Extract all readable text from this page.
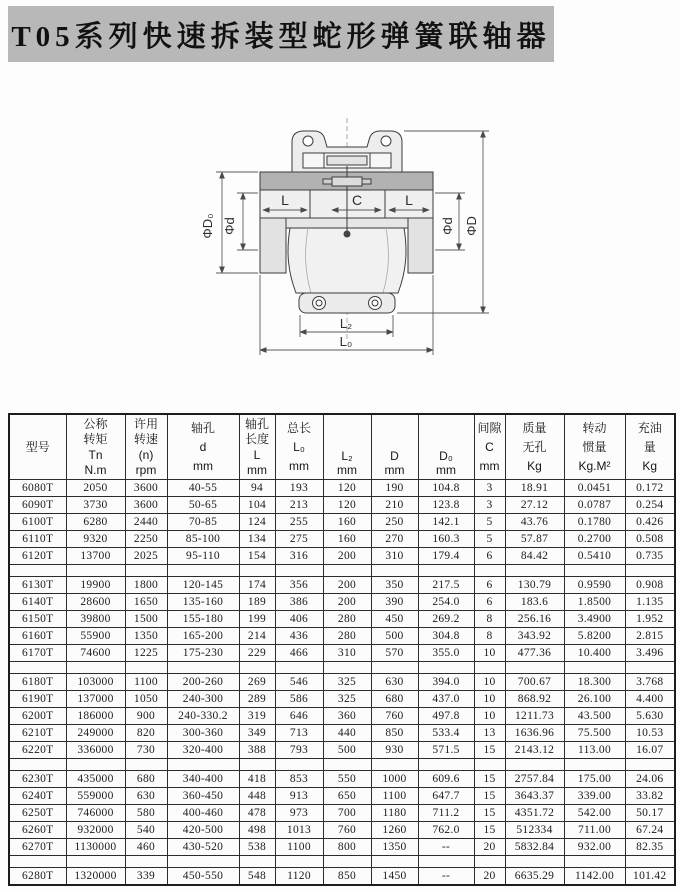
T05系列快速拆装型蛇形弹簧联轴器
ΦD₀ Φd	Φd ΦD
L	C	L
L₂
L₀
型号

公称
转矩
Tn
N.m

许用
转速
(n)
rpm

轴孔
d
mm

轴孔
长度
L
mm

总长
L₀
mm

L₂
mm

D
mm

D₀
mm

间隙
C
mm

质量
无孔
Kg

转动
惯量
Kg.M²

充油
量
Kg

6080T	2050	3600	40-55	94	193	120	190	104.8	3	18.91	0.0451	0.172
6090T	3730	3600	50-65	104	213	120	210	123.8	3	27.12	0.0787	0.254
6100T	6280	2440	70-85	124	255	160	250	142.1	5	43.76	0.1780	0.426
6110T	9320	2250	85-100	134	275	160	270	160.3	5	57.87	0.2700	0.508
6120T	13700	2025	95-110	154	316	200	310	179.4	6	84.42	0.5410	0.735

6130T	19900	1800	120-145	174	356	200	350	217.5	6	130.79	0.9590	0.908
6140T	28600	1650	135-160	189	386	200	390	254.0	6	183.6	1.8500	1.135
6150T	39800	1500	155-180	199	406	280	450	269.2	8	256.16	3.4900	1.952
6160T	55900	1350	165-200	214	436	280	500	304.8	8	343.92	5.8200	2.815
6170T	74600	1225	175-230	229	466	310	570	355.0	10	477.36	10.400	3.496

6180T	103000	1100	200-260	269	546	325	630	394.0	10	700.67	18.300	3.768
6190T	137000	1050	240-300	289	586	325	680	437.0	10	868.92	26.100	4.400
6200T	186000	900	240-330.2	319	646	360	760	497.8	10	1211.73	43.500	5.630
6210T	249000	820	300-360	349	713	440	850	533.4	13	1636.96	75.500	10.53
6220T	336000	730	320-400	388	793	500	930	571.5	15	2143.12	113.00	16.07

6230T	435000	680	340-400	418	853	550	1000	609.6	15	2757.84	175.00	24.06
6240T	559000	630	360-450	448	913	650	1100	647.7	15	3643.37	339.00	33.82
6250T	746000	580	400-460	478	973	700	1180	711.2	15	4351.72	542.00	50.17
6260T	932000	540	420-500	498	1013	760	1260	762.0	15	512334	711.00	67.24
6270T	1130000	460	430-520	538	1100	800	1350	--	20	5832.84	932.00	82.35

6280T	1320000	339	450-550	548	1120	850	1450	--	20	6635.29	1142.00	101.42
